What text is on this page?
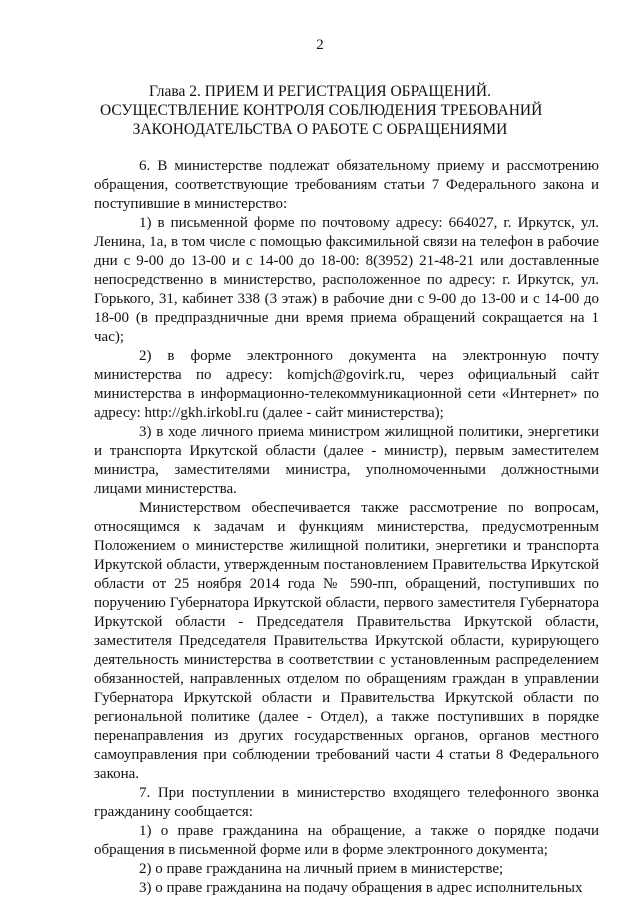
2
Глава 2. ПРИЕМ И РЕГИСТРАЦИЯ ОБРАЩЕНИЙ.
ОСУЩЕСТВЛЕНИЕ КОНТРОЛЯ СОБЛЮДЕНИЯ ТРЕБОВАНИЙ
ЗАКОНОДАТЕЛЬСТВА О РАБОТЕ С ОБРАЩЕНИЯМИ

6. В министерстве подлежат обязательному приему и рассмотрению обращения, соответствующие требованиям статьи 7 Федерального закона и поступившие в министерство:

1) в письменной форме по почтовому адресу: 664027, г. Иркутск, ул. Ленина, 1а, в том числе с помощью факсимильной связи на телефон в рабочие дни с 9-00 до 13-00 и с 14-00 до 18-00: 8(3952) 21-48-21 или доставленные непосредственно в министерство, расположенное по адресу: г. Иркутск, ул. Горького, 31, кабинет 338 (3 этаж) в рабочие дни с 9-00 до 13-00 и с 14-00 до 18-00 (в предпраздничные дни время приема обращений сокращается на 1 час);

2) в форме электронного документа на электронную почту министерства по адресу: komjch@govirk.ru, через официальный сайт министерства в информационно-телекоммуникационной сети «Интернет» по адресу: http://gkh.irkobl.ru (далее - сайт министерства);

3) в ходе личного приема министром жилищной политики, энергетики и транспорта Иркутской области (далее - министр), первым заместителем министра, заместителями министра, уполномоченными должностными лицами министерства.

Министерством обеспечивается также рассмотрение по вопросам, относящимся к задачам и функциям министерства, предусмотренным Положением о министерстве жилищной политики, энергетики и транспорта Иркутской области, утвержденным постановлением Правительства Иркутской области от 25 ноября 2014 года № 590-пп, обращений, поступивших по поручению Губернатора Иркутской области, первого заместителя Губернатора Иркутской области - Председателя Правительства Иркутской области, заместителя Председателя Правительства Иркутской области, курирующего деятельность министерства в соответствии с установленным распределением обязанностей, направленных отделом по обращениям граждан в управлении Губернатора Иркутской области и Правительства Иркутской области по региональной политике (далее - Отдел), а также поступивших в порядке перенаправления из других государственных органов, органов местного самоуправления при соблюдении требований части 4 статьи 8 Федерального закона.

7. При поступлении в министерство входящего телефонного звонка гражданину сообщается:

1) о праве гражданина на обращение, а также о порядке подачи обращения в письменной форме или в форме электронного документа;

2) о праве гражданина на личный прием в министерстве;

3) о праве гражданина на подачу обращения в адрес исполнительных
